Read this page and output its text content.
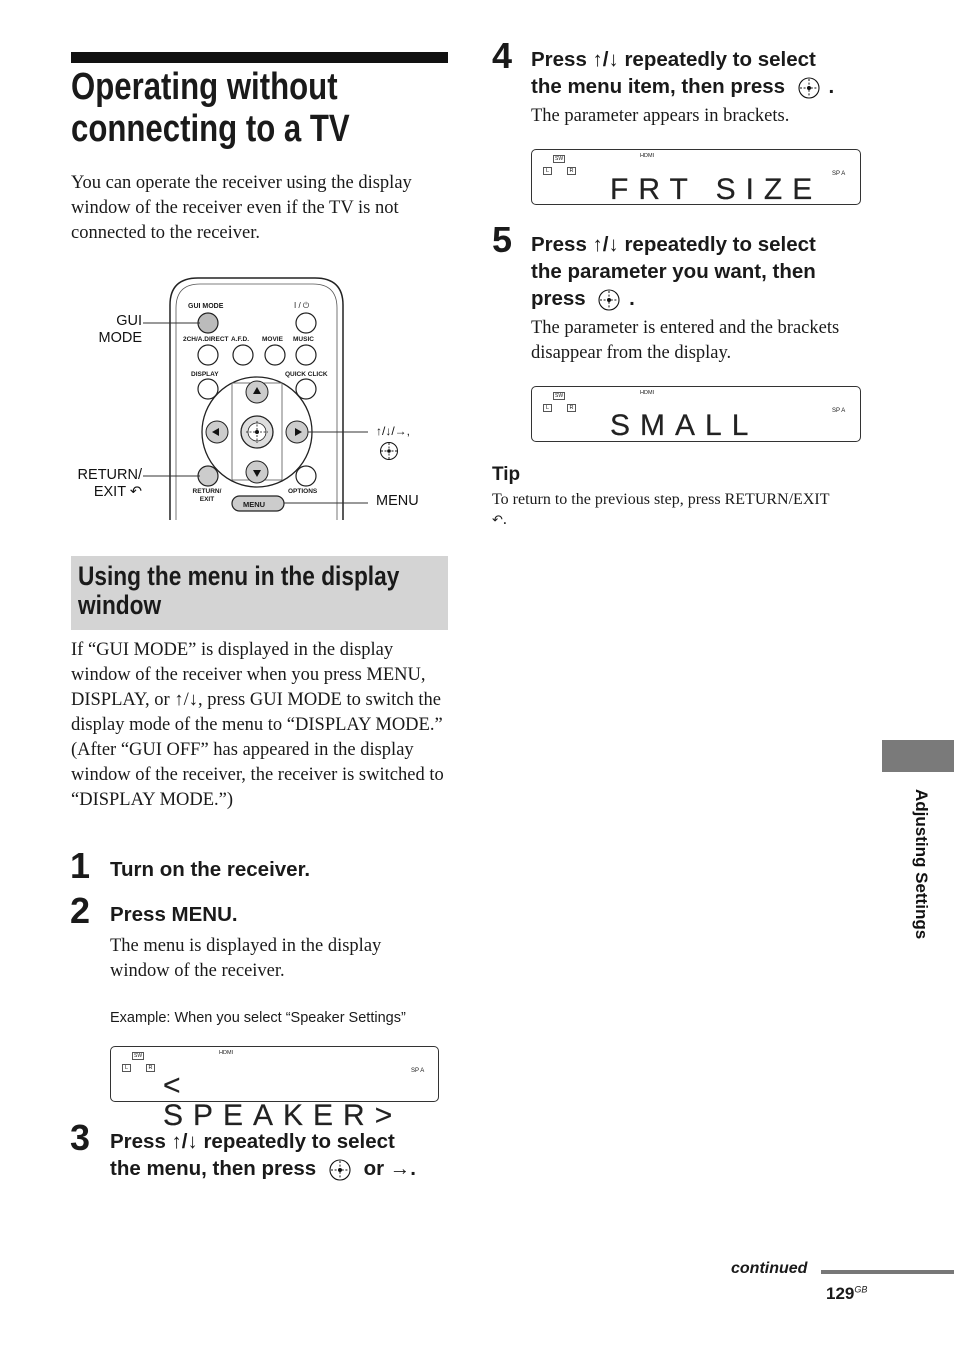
Operating without
connecting to a TV
You can operate the receiver using the display window of the receiver even if the TV is not connected to the receiver.
GUI MODE	I / ⏻
2CH/A.DIRECT A.F.D. MOVIE MUSIC
DISPLAY	QUICK CLICK
RETURN/ EXIT
OPTIONS
MENU
GUI
MODE
RETURN/
EXIT ↶
↑/↓/→,
MENU
Using the menu in the display
window
If “GUI MODE” is displayed in the display window of the receiver when you press MENU, DISPLAY, or ↑/↓, press GUI MODE to switch the display mode of the menu to “DISPLAY MODE.” (After “GUI OFF” has appeared in the display window of the receiver, the receiver is switched to “DISPLAY MODE.”)
1 Turn on the receiver.
2 Press MENU.
The menu is displayed in the display window of the receiver.
Example: When you select “Speaker Settings”
SW	HDMI
L	R	SP A
< SPEAKER>
3 Press ↑/↓ repeatedly to select
the menu, then press or →.
4 Press ↑/↓ repeatedly to select
the menu item, then press .
The parameter appears in brackets.
SW	HDMI
L	R	SP A
FRT SIZE
5 Press ↑/↓ repeatedly to select
the parameter you want, then
press .
The parameter is entered and the brackets disappear from the display.
SW	HDMI
L	R	SP A
SMALL
Tip
To return to the previous step, press RETURN/EXIT
↶.
Adjusting Settings
continued
$129^{GB}$
